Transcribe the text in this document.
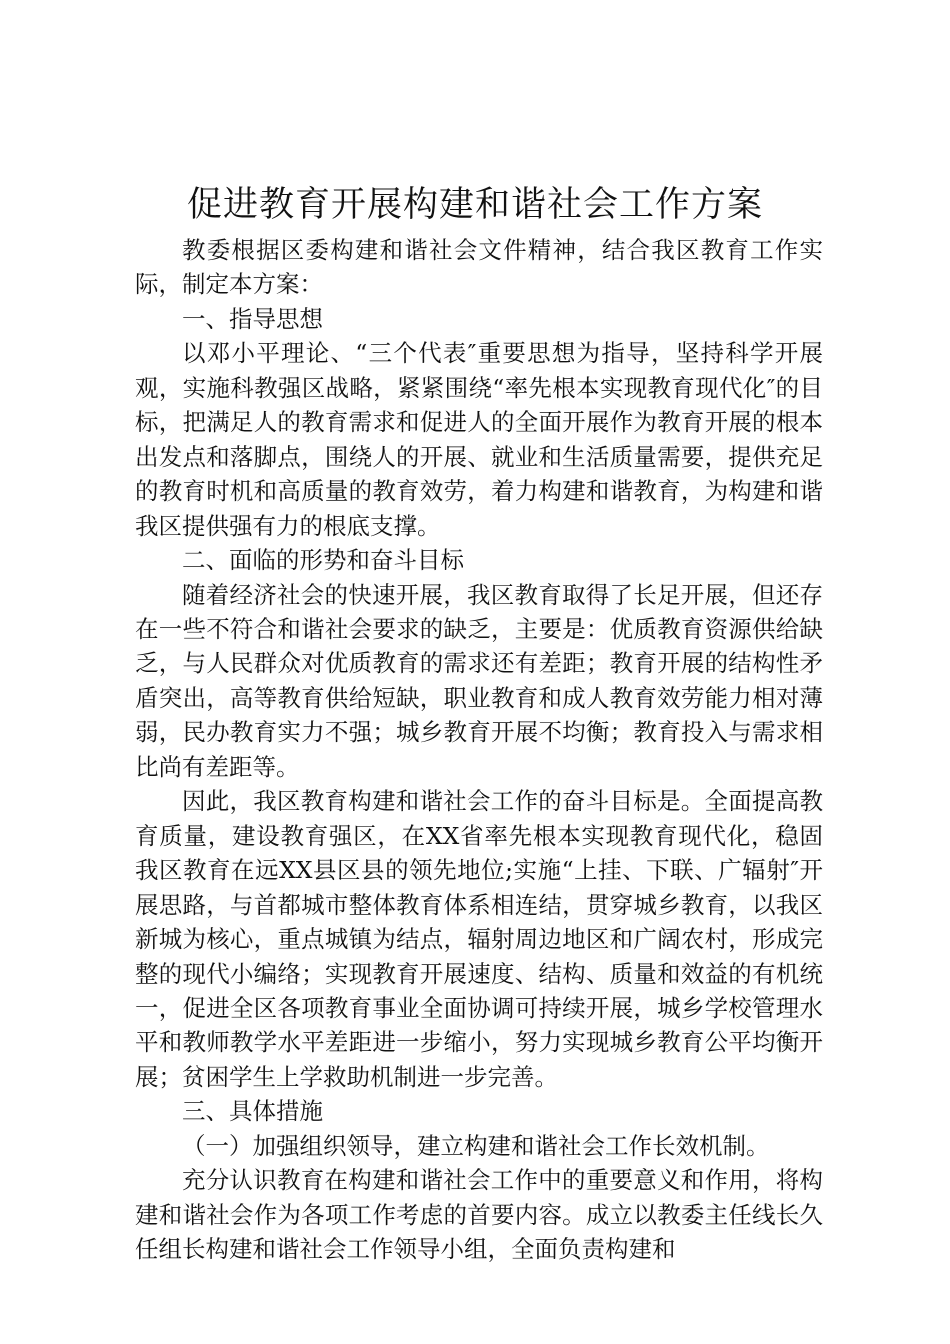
促进教育开展构建和谐社会工作方案

教委根据区委构建和谐社会文件精神，结合我区教育工作实际，制定本方案：

一、指导思想

以邓小平理论、“三个代表″重要思想为指导，坚持科学开展观，实施科教强区战略，紧紧围绕“率先根本实现教育现代化″的目标，把满足人的教育需求和促进人的全面开展作为教育开展的根本出发点和落脚点，围绕人的开展、就业和生活质量需要，提供充足的教育时机和高质量的教育效劳，着力构建和谐教育，为构建和谐我区提供强有力的根底支撑。

二、面临的形势和奋斗目标

随着经济社会的快速开展，我区教育取得了长足开展，但还存在一些不符合和谐社会要求的缺乏，主要是：优质教育资源供给缺乏，与人民群众对优质教育的需求还有差距；教育开展的结构性矛盾突出，高等教育供给短缺，职业教育和成人教育效劳能力相对薄弱，民办教育实力不强；城乡教育开展不均衡；教育投入与需求相比尚有差距等。

因此，我区教育构建和谐社会工作的奋斗目标是。全面提高教育质量，建设教育强区，在XX省率先根本实现教育现代化，稳固我区教育在远XX县区县的领先地位;实施“上挂、下联、广辐射″开展思路，与首都城市整体教育体系相连结，贯穿城乡教育，以我区新城为核心，重点城镇为结点，辐射周边地区和广阔农村，形成完整的现代小编络；实现教育开展速度、结构、质量和效益的有机统一，促进全区各项教育事业全面协调可持续开展，城乡学校管理水平和教师教学水平差距进一步缩小，努力实现城乡教育公平均衡开展；贫困学生上学救助机制进一步完善。

三、具体措施

（一）加强组织领导，建立构建和谐社会工作长效机制。

充分认识教育在构建和谐社会工作中的重要意义和作用，将构建和谐社会作为各项工作考虑的首要内容。成立以教委主任线长久任组长构建和谐社会工作领导小组，全面负责构建和
